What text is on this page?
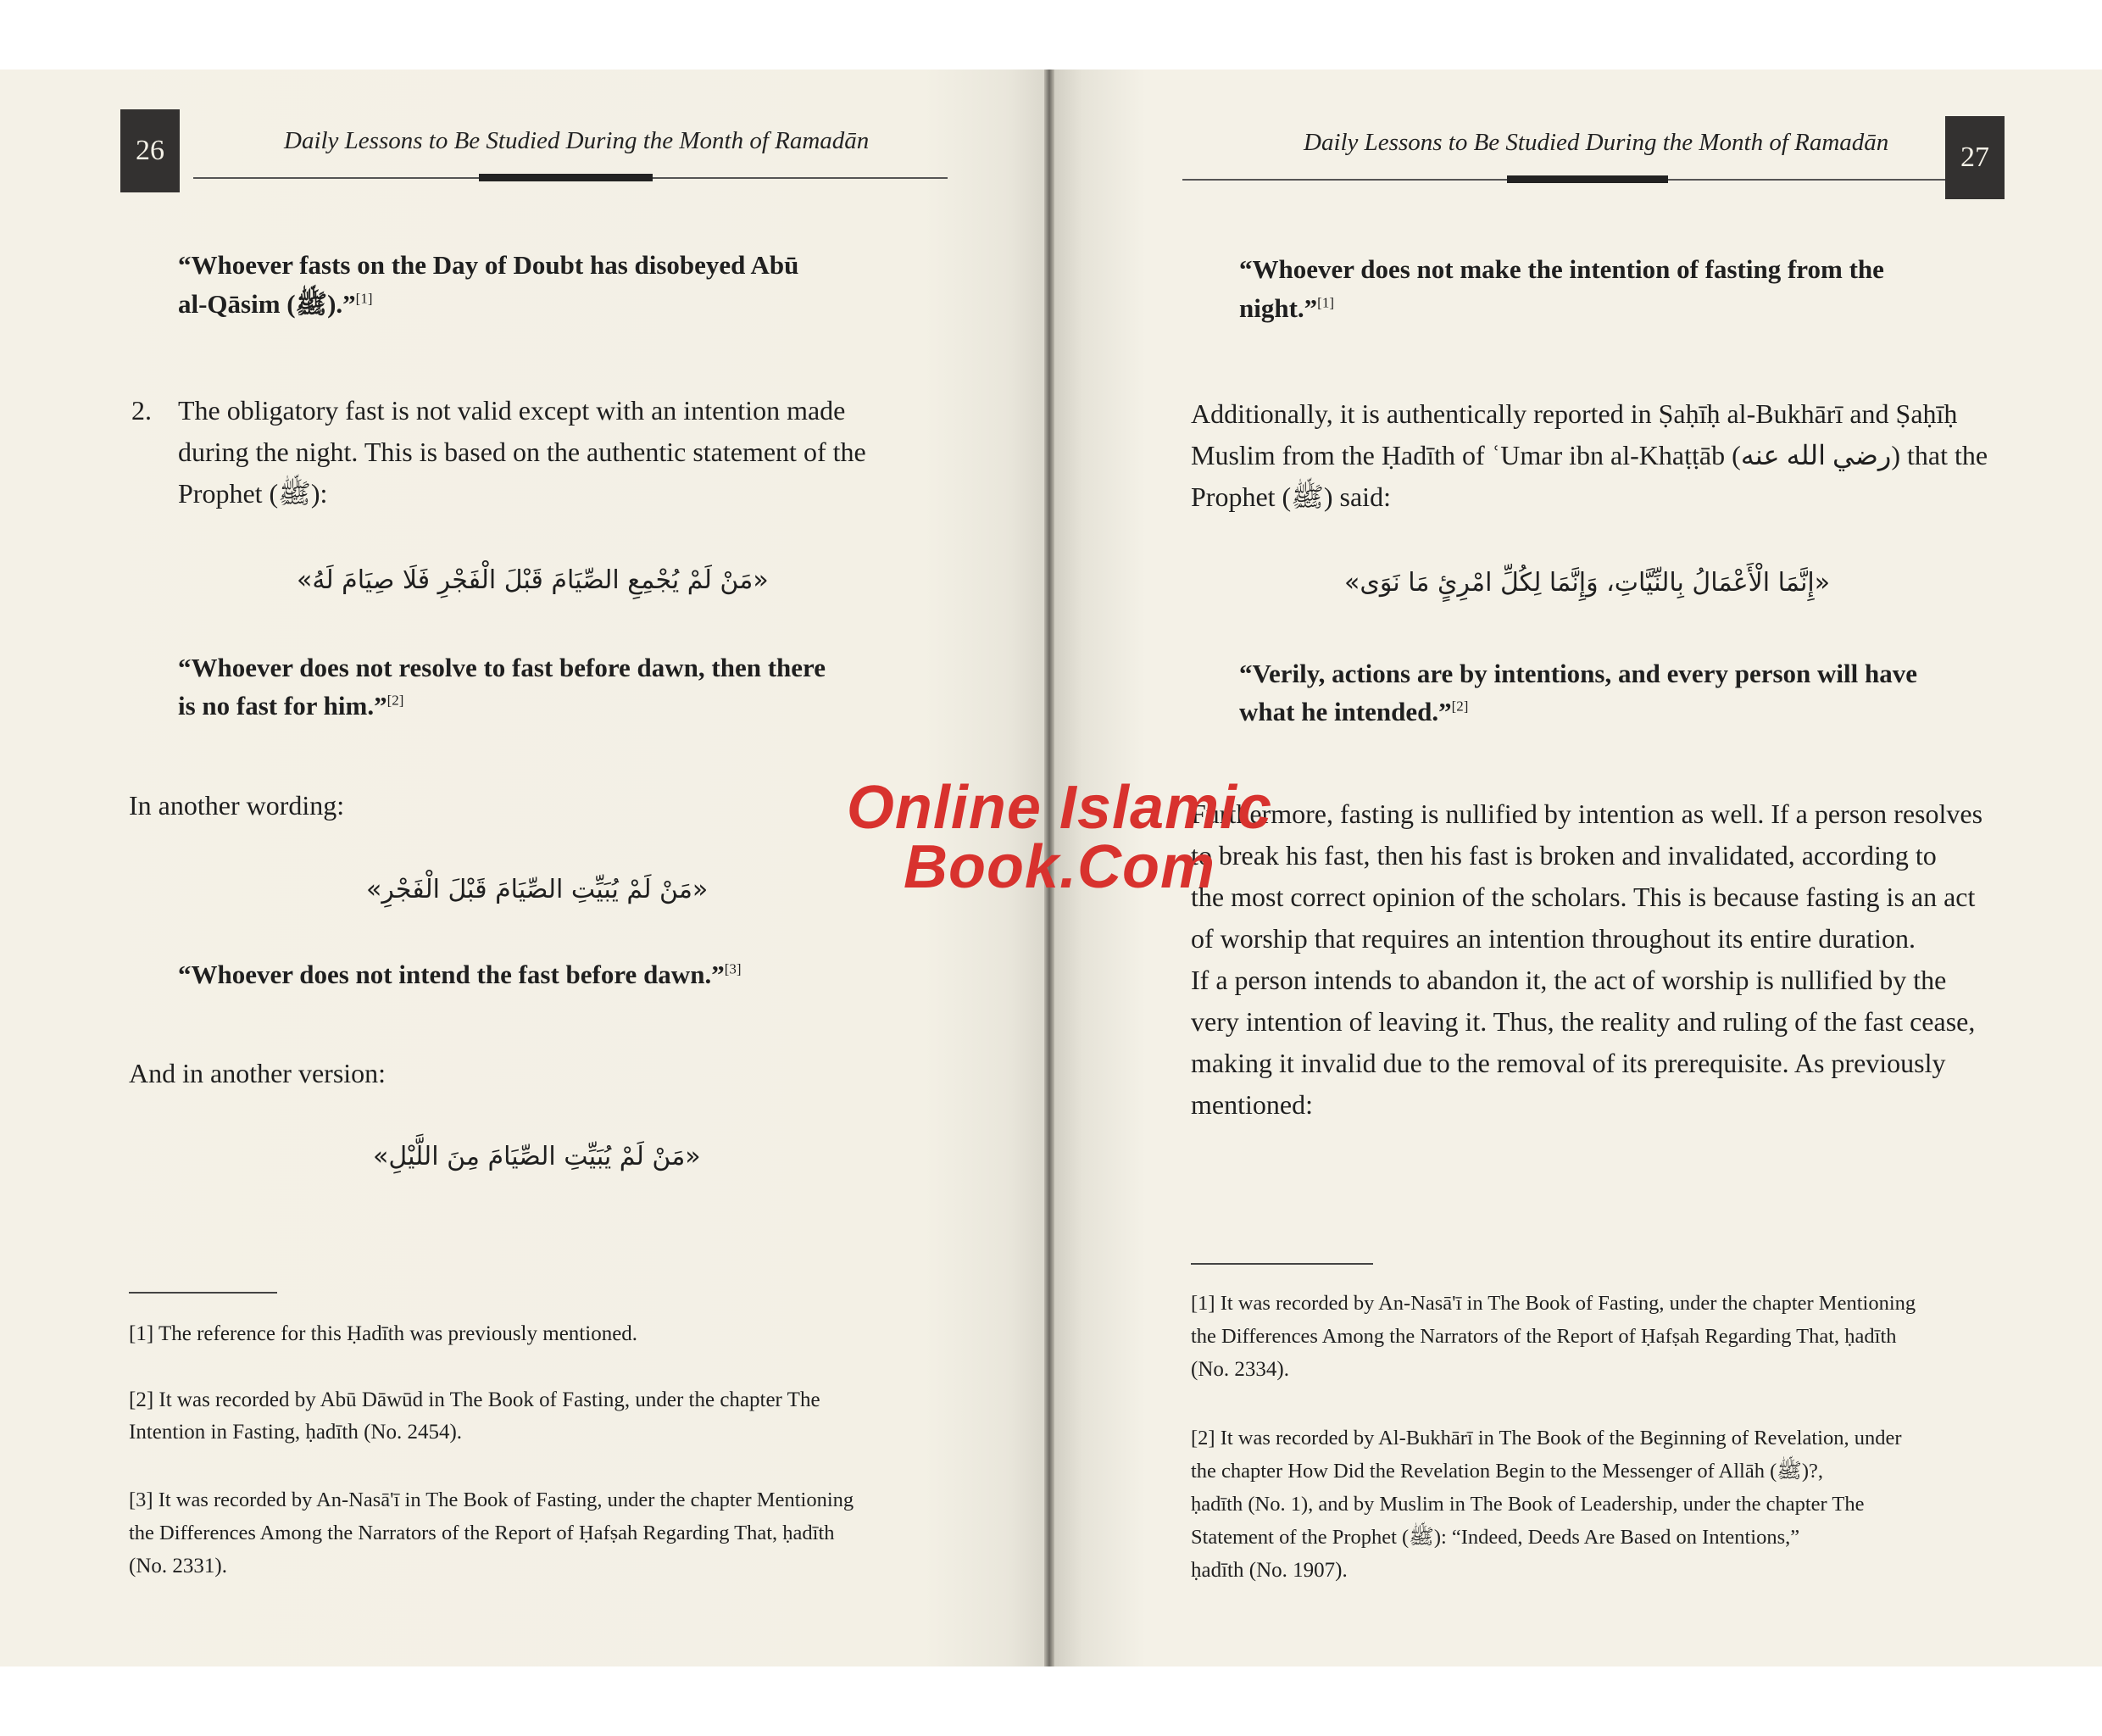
26	Daily Lessons to Be Studied During the Month of Ramadān
“Whoever fasts on the Day of Doubt has disobeyed Abū
al-Qāsim (ﷺ).”[1]
2. The obligatory fast is not valid except with an intention made
during the night. This is based on the authentic statement of the
Prophet (ﷺ):
«مَنْ لَمْ يُجْمِعِ الصِّيَامَ قَبْلَ الْفَجْرِ فَلَا صِيَامَ لَهُ»
“Whoever does not resolve to fast before dawn, then there
is no fast for him.”[2]
In another wording:
«مَنْ لَمْ يُبَيِّتِ الصِّيَامَ قَبْلَ الْفَجْرِ»
“Whoever does not intend the fast before dawn.”[3]
And in another version:
«مَنْ لَمْ يُبَيِّتِ الصِّيَامَ مِنَ اللَّيْلِ»
[1] The reference for this Ḥadīth was previously mentioned.
[2] It was recorded by Abū Dāwūd in The Book of Fasting, under the chapter The
Intention in Fasting, ḥadīth (No. 2454).
[3] It was recorded by An-Nasā'ī in The Book of Fasting, under the chapter Mentioning
the Differences Among the Narrators of the Report of Ḥafṣah Regarding That, ḥadīth
(No. 2331).
Daily Lessons to Be Studied During the Month of Ramadān 27
“Whoever does not make the intention of fasting from the
night.”[1]
Additionally, it is authentically reported in Ṣaḥīḥ al-Bukhārī and Ṣaḥīḥ
Muslim from the Ḥadīth of ʿUmar ibn al-Khaṭṭāb (رضي الله عنه) that the
Prophet (ﷺ) said:
«إِنَّمَا الْأَعْمَالُ بِالنِّيَّاتِ، وَإِنَّمَا لِكُلِّ امْرِئٍ مَا نَوَى»
“Verily, actions are by intentions, and every person will have
what he intended.”[2]
Furthermore, fasting is nullified by intention as well. If a person resolves
to break his fast, then his fast is broken and invalidated, according to
the most correct opinion of the scholars. This is because fasting is an act
of worship that requires an intention throughout its entire duration.
If a person intends to abandon it, the act of worship is nullified by the
very intention of leaving it. Thus, the reality and ruling of the fast cease,
making it invalid due to the removal of its prerequisite. As previously
mentioned:
[1] It was recorded by An-Nasā'ī in The Book of Fasting, under the chapter Mentioning
the Differences Among the Narrators of the Report of Ḥafṣah Regarding That, ḥadīth
(No. 2334).
[2] It was recorded by Al-Bukhārī in The Book of the Beginning of Revelation, under
the chapter How Did the Revelation Begin to the Messenger of Allāh (ﷺ)?,
ḥadīth (No. 1), and by Muslim in The Book of Leadership, under the chapter The
Statement of the Prophet (ﷺ): “Indeed, Deeds Are Based on Intentions,”
ḥadīth (No. 1907).
Online Islamic
Book.Com
